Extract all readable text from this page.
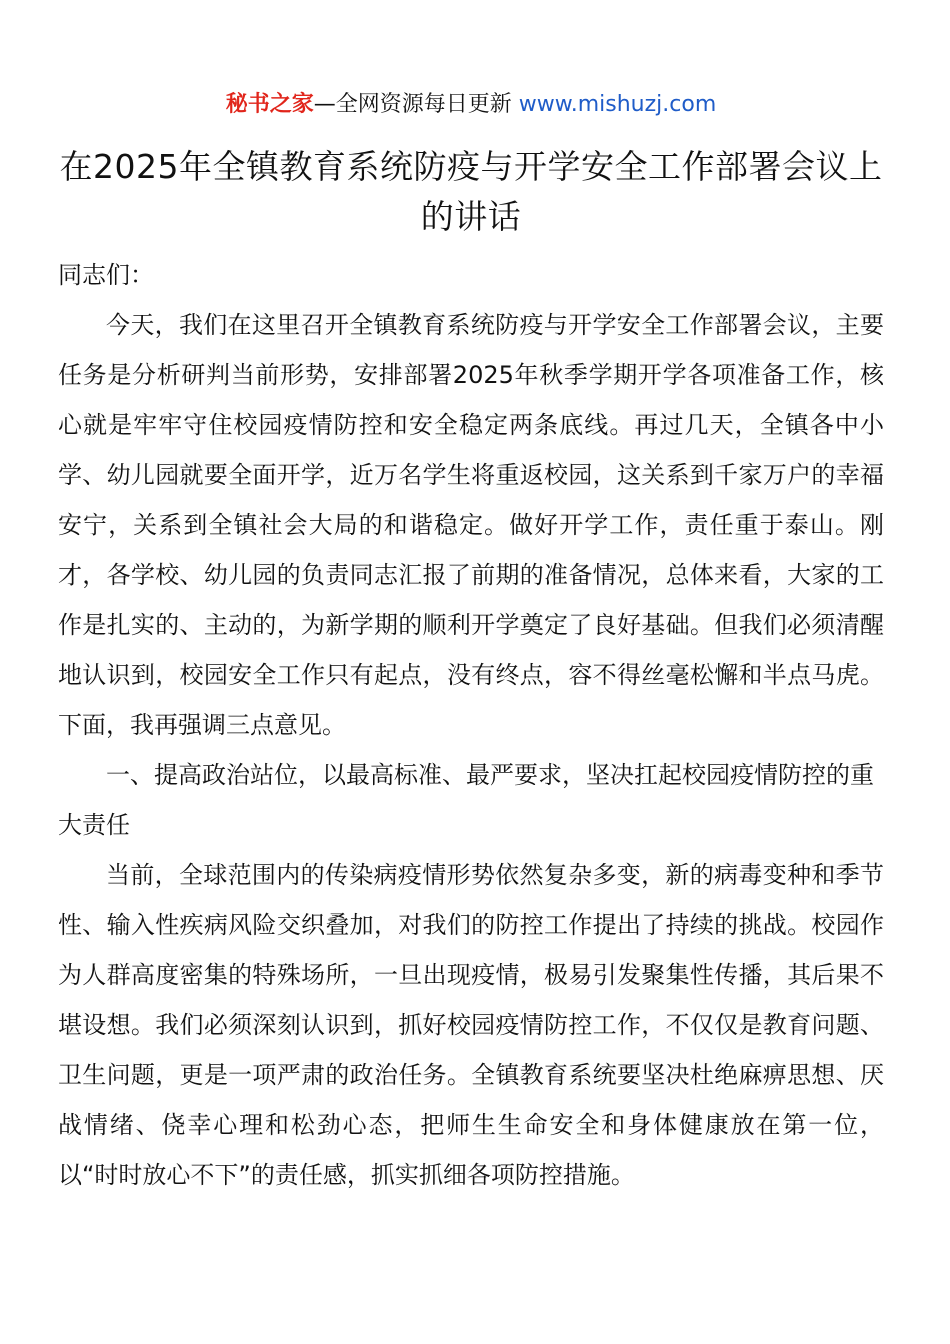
秘书之家—全网资源每日更新 www.mishuzj.com
在2025年全镇教育系统防疫与开学安全工作部署会议上的讲话

同志们：

今天，我们在这里召开全镇教育系统防疫与开学安全工作部署会议，主要任务是分析研判当前形势，安排部署2025年秋季学期开学各项准备工作，核心就是牢牢守住校园疫情防控和安全稳定两条底线。再过几天，全镇各中小学、幼儿园就要全面开学，近万名学生将重返校园，这关系到千家万户的幸福安宁，关系到全镇社会大局的和谐稳定。做好开学工作，责任重于泰山。刚才，各学校、幼儿园的负责同志汇报了前期的准备情况，总体来看，大家的工作是扎实的、主动的，为新学期的顺利开学奠定了良好基础。但我们必须清醒地认识到，校园安全工作只有起点，没有终点，容不得丝毫松懈和半点马虎。下面，我再强调三点意见。

一、提高政治站位，以最高标准、最严要求，坚决扛起校园疫情防控的重大责任

当前，全球范围内的传染病疫情形势依然复杂多变，新的病毒变种和季节性、输入性疾病风险交织叠加，对我们的防控工作提出了持续的挑战。校园作为人群高度密集的特殊场所，一旦出现疫情，极易引发聚集性传播，其后果不堪设想。我们必须深刻认识到，抓好校园疫情防控工作，不仅仅是教育问题、卫生问题，更是一项严肃的政治任务。全镇教育系统要坚决杜绝麻痹思想、厌战情绪、侥幸心理和松劲心态，把师生生命安全和身体健康放在第一位，以“时时放心不下”的责任感，抓实抓细各项防控措施。
